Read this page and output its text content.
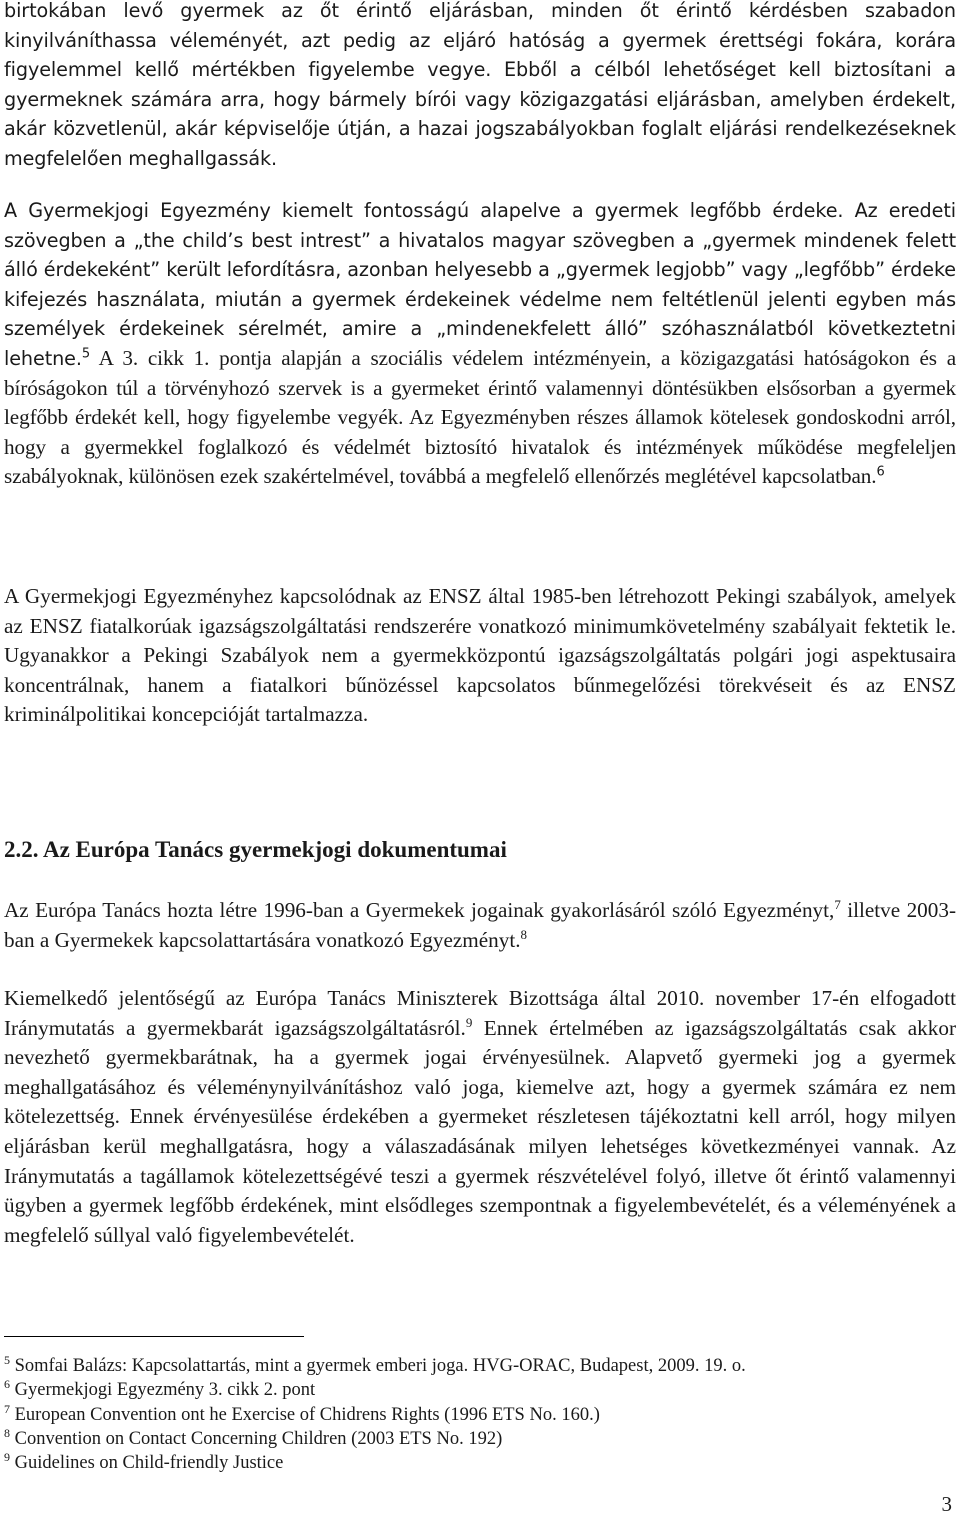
birtokában levő gyermek az őt érintő eljárásban, minden őt érintő kérdésben szabadon kinyilváníthassa véleményét, azt pedig az eljáró hatóság a gyermek érettségi fokára, korára figyelemmel kellő mértékben figyelembe vegye. Ebből a célból lehetőséget kell biztosítani a gyermeknek számára arra, hogy bármely bírói vagy közigazgatási eljárásban, amelyben érdekelt, akár közvetlenül, akár képviselője útján, a hazai jogszabályokban foglalt eljárási rendelkezéseknek megfelelően meghallgassák.

A Gyermekjogi Egyezmény kiemelt fontosságú alapelve a gyermek legfőbb érdeke. Az eredeti szövegben a „the child’s best intrest” a hivatalos magyar szövegben a „gyermek mindenek felett álló érdekeként” került lefordításra, azonban helyesebb a „gyermek legjobb” vagy „legfőbb” érdeke kifejezés használata, miután a gyermek érdekeinek védelme nem feltétlenül jelenti egyben más személyek érdekeinek sérelmét, amire a „mindenekfelett álló” szóhasználatból következtetni lehetne.$^5$ A 3. cikk 1. pontja alapján a szociális védelem intézményein, a közigazgatási hatóságokon és a bíróságokon túl a törvényhozó szervek is a gyermeket érintő valamennyi döntésükben elsősorban a gyermek legfőbb érdekét kell, hogy figyelembe vegyék. Az Egyezményben részes államok kötelesek gondoskodni arról, hogy a gyermekkel foglalkozó és védelmét biztosító hivatalok és intézmények működése megfeleljen szabályoknak, különösen ezek szakértelmével, továbbá a megfelelő ellenőrzés meglétével kapcsolatban.$^6$

A Gyermekjogi Egyezményhez kapcsolódnak az ENSZ által 1985-ben létrehozott Pekingi szabályok, amelyek az ENSZ fiatalkorúak igazságszolgáltatási rendszerére vonatkozó minimumkövetelmény szabályait fektetik le. Ugyanakkor a Pekingi Szabályok nem a gyermekközpontú igazságszolgáltatás polgári jogi aspektusaira koncentrálnak, hanem a fiatalkori bűnözéssel kapcsolatos bűnmegelőzési törekvéseit és az ENSZ kriminálpolitikai koncepcióját tartalmazza.

2.2. Az Európa Tanács gyermekjogi dokumentumai

Az Európa Tanács hozta létre 1996-ban a Gyermekek jogainak gyakorlásáról szóló Egyezményt,$^7$ illetve 2003-ban a Gyermekek kapcsolattartására vonatkozó Egyezményt.$^8$

Kiemelkedő jelentőségű az Európa Tanács Miniszterek Bizottsága által 2010. november 17-én elfogadott Iránymutatás a gyermekbarát igazságszolgáltatásról.$^9$ Ennek értelmében az igazságszolgáltatás csak akkor nevezhető gyermekbarátnak, ha a gyermek jogai érvényesülnek. Alapvető gyermeki jog a gyermek meghallgatásához és véleménynyilvánításhoz való joga, kiemelve azt, hogy a gyermek számára ez nem kötelezettség. Ennek érvényesülése érdekében a gyermeket részletesen tájékoztatni kell arról, hogy milyen eljárásban kerül meghallgatásra, hogy a válaszadásának milyen lehetséges következményei vannak. Az Iránymutatás a tagállamok kötelezettségévé teszi a gyermek részvételével folyó, illetve őt érintő valamennyi ügyben a gyermek legfőbb érdekének, mint elsődleges szempontnak a figyelembevételét, és a véleményének a megfelelő súllyal való figyelembevételét.

$^5$ Somfai Balázs: Kapcsolattartás, mint a gyermek emberi joga. HVG-ORAC, Budapest, 2009. 19. o.
$^6$ Gyermekjogi Egyezmény 3. cikk 2. pont
$^7$ European Convention ont he Exercise of Chidrens Rights (1996 ETS No. 160.)
$^8$ Convention on Contact Concerning Children (2003 ETS No. 192)
$^9$ Guidelines on Child-friendly Justice
3
